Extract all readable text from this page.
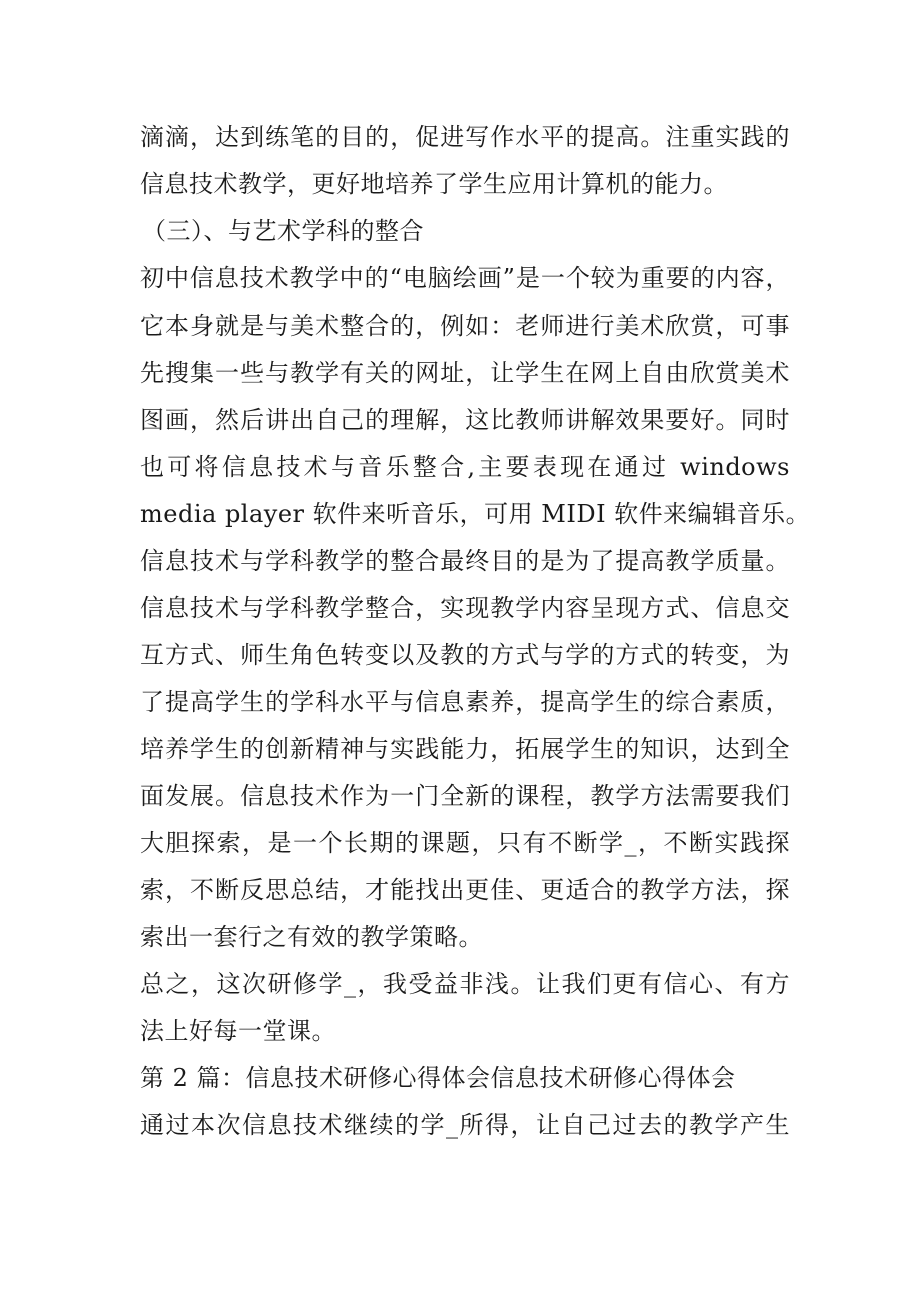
滴滴，达到练笔的目的，促进写作水平的提高。注重实践的
信息技术教学，更好地培养了学生应用计算机的能力。
（三）、与艺术学科的整合
初中信息技术教学中的“电脑绘画”是一个较为重要的内容，
它本身就是与美术整合的，例如：老师进行美术欣赏，可事
先搜集一些与教学有关的网址，让学生在网上自由欣赏美术
图画，然后讲出自己的理解，这比教师讲解效果要好。同时
也可将信息技术与音乐整合,主要表现在通过 windows
media player 软件来听音乐，可用 MIDI 软件来编辑音乐。
信息技术与学科教学的整合最终目的是为了提高教学质量。
信息技术与学科教学整合，实现教学内容呈现方式、信息交
互方式、师生角色转变以及教的方式与学的方式的转变，为
了提高学生的学科水平与信息素养，提高学生的综合素质，
培养学生的创新精神与实践能力，拓展学生的知识，达到全
面发展。信息技术作为一门全新的课程，教学方法需要我们
大胆探索，是一个长期的课题，只有不断学_，不断实践探
索，不断反思总结，才能找出更佳、更适合的教学方法，探
索出一套行之有效的教学策略。
总之，这次研修学_，我受益非浅。让我们更有信心、有方
法上好每一堂课。
第 2 篇：信息技术研修心得体会信息技术研修心得体会
通过本次信息技术继续的学_所得，让自己过去的教学产生
